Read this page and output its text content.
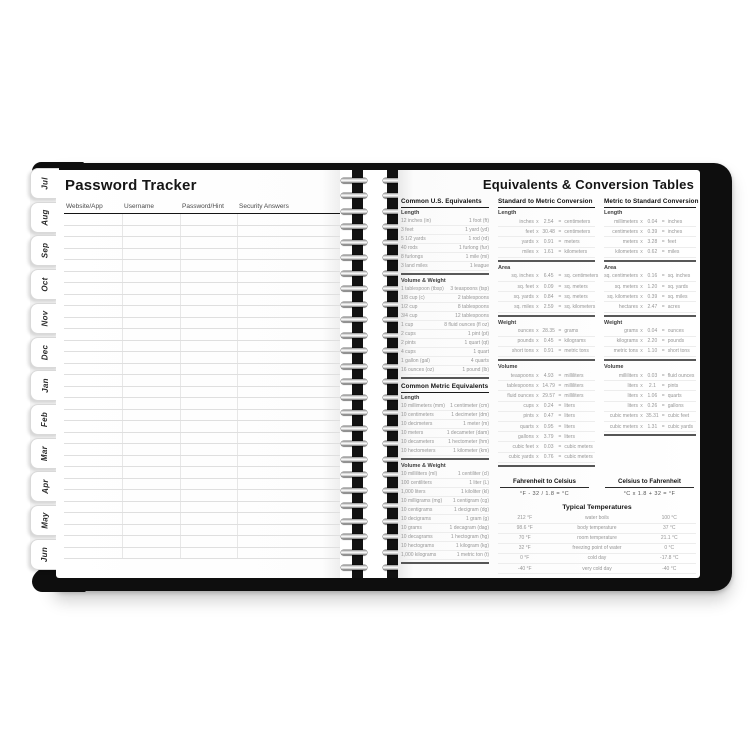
Jul
Aug
Sep
Oct
Nov
Dec
Jan
Feb
Mar
Apr
May
Jun
Password Tracker
Website/App	Username	Password/Hint	Security Answers
Equivalents & Conversion Tables
Common U.S. Equivalents
Length
12 inches (in)	1 foot (ft)
3 feet	1 yard (yd)
5 1/2 yards	1 rod (rd)
40 rods	1 furlong (fur)
8 furlongs	1 mile (mi)
3 land miles	1 league
Volume & Weight
1 tablespoon (tbsp) 3 teaspoons (tsp)
1/8 cup (c)	2 tablespoons
1/2 cup	8 tablespoons
3/4 cup	12 tablespoons
1 cup	8 fluid ounces (fl oz)
2 cups	1 pint (pt)
2 pints	1 quart (qt)
4 cups	1 quart
1 gallon (gal)	4 quarts
16 ounces (oz)	1 pound (lb)
Common Metric Equivalents
Length
10 millimeters (mm) 1 centimeter (cm)
10 centimeters	1 decimeter (dm)
10 decimeters	1 meter (m)
10 meters	1 decameter (dam)
10 decameters	1 hectometer (hm)
10 hectometers	1 kilometer (km)
Volume & Weight
10 milliliters (ml)	1 centiliter (cl)
100 centiliters	1 liter (L)
1,000 liters	1 kiloliter (kl)
10 milligrams (mg) 1 centigram (cg)
10 centigrams	1 decigram (dg)
10 decigrams	1 gram (g)
10 grams	1 decagram (dag)
10 decagrams	1 hectogram (hg)
10 hectograms	1 kilogram (kg)
1,000 kilograms	1 metric ton (t)
Standard to Metric Conversion
Length
inches x	2.54 = centimeters
feet x 30.48 = centimeters
yards x	0.91 = meters
miles x	1.61 = kilometers
Area
sq. inches x	6.45 = sq. centimeters
sq. feet x	0.09 = sq. meters
sq. yards x	0.84 = sq. meters
sq. miles x	2.59 = sq. kilometers
Weight
ounces x 28.35 = grams
pounds x	0.45 = kilograms
short tons x	0.91 = metric tons
Volume
teaspoons x	4.93 = milliliters
tablespoons x 14.79 = milliliters
fluid ounces x 29.57 = milliliters
cups x	0.24 = liters
pints x	0.47 = liters
quarts x	0.95 = liters
gallons x	3.79 = liters
cubic feet x	0.03 = cubic meters
cubic yards x	0.76 = cubic meters
Metric to Standard Conversion
Length
millimeters x 0.04 = inches
centimeters x 0.39 = inches
meters x 3.28 = feet
kilometers x 0.62 = miles
Area
sq. centimeters x 0.16 = sq. inches
sq. meters x 1.20 = sq. yards
sq. kilometers x 0.39 = sq. miles
hectares x 2.47 = acres
Weight
grams x 0.04 = ounces
kilograms x 2.20 = pounds
metric tons x 1.10 = short tons
Volume
milliliters x 0.03 = fluid ounces
liters x	2.1	= pints
liters x 1.06 = quarts
liters x 0.26 = gallons
cubic meters x 35.31 = cubic feet
cubic meters x 1.31 = cubic yards
Fahrenheit to Celsius
°F - 32 / 1.8 = °C
Celsius to Fahrenheit
°C x 1.8 + 32 = °F
Typical Temperatures
212 °F	water boils	100 °C
98.6 °F	body temperature	37 °C
70 °F	room temperature	21.1 °C
32 °F	freezing point of water	0 °C
0 °F	cold day	-17.8 °C
-40 °F	very cold day	-40 °C
